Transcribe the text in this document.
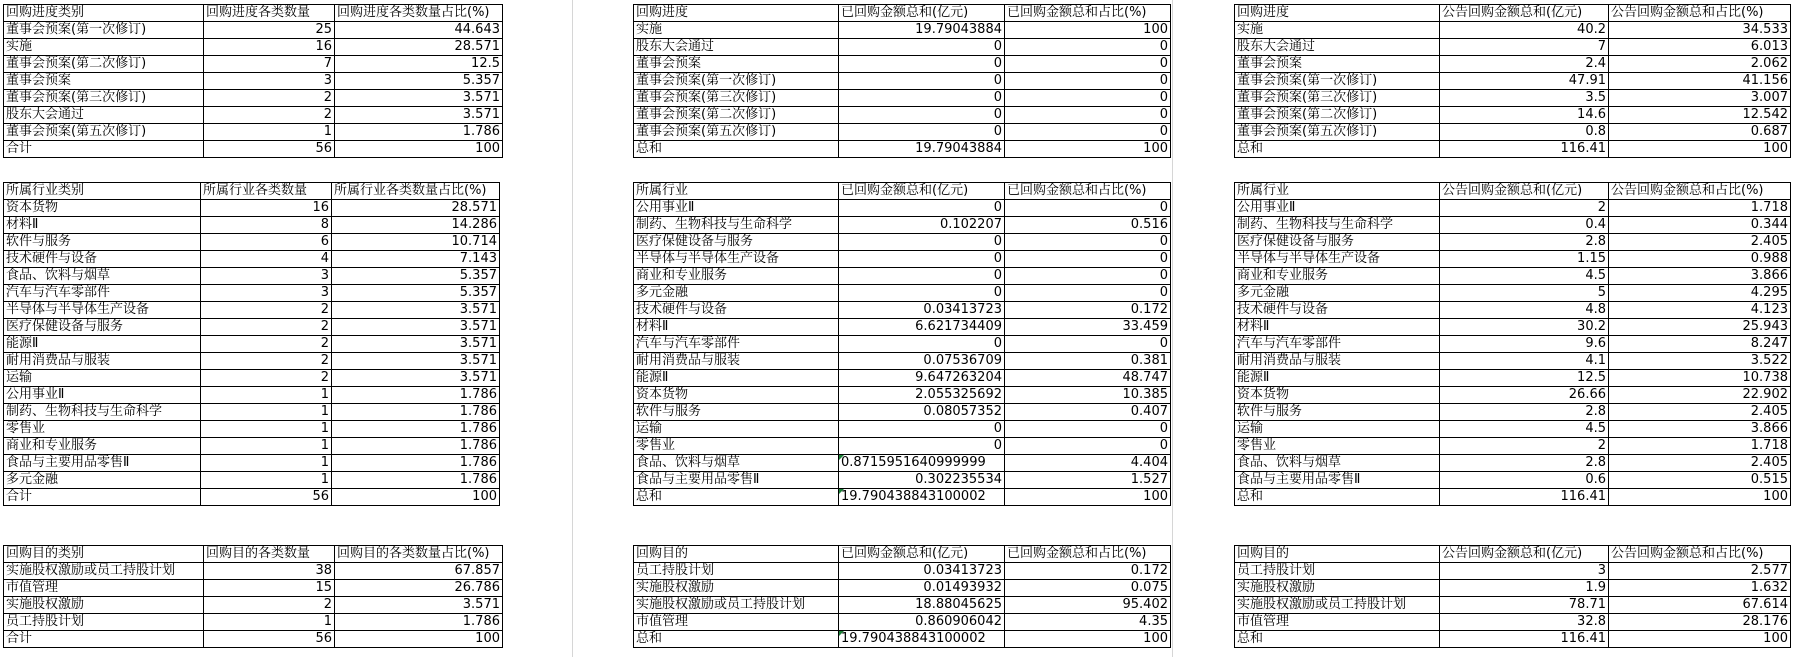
回购进度类别	回购进度各类数量	回购进度各类数量占比(%)
董事会预案(第一次修订)	25	44.643
实施	16	28.571
董事会预案(第二次修订)	7	12.5
董事会预案	3	5.357
董事会预案(第三次修订)	2	3.571
股东大会通过	2	3.571
董事会预案(第五次修订)	1	1.786
合计	56	100
回购进度	已回购金额总和(亿元)	已回购金额总和占比(%)
实施	19.79043884	100
股东大会通过	0	0
董事会预案	0	0
董事会预案(第一次修订)	0	0
董事会预案(第三次修订)	0	0
董事会预案(第二次修订)	0	0
董事会预案(第五次修订)	0	0
总和	19.79043884	100
回购进度	公告回购金额总和(亿元)	公告回购金额总和占比(%)
实施	40.2	34.533
股东大会通过	7	6.013
董事会预案	2.4	2.062
董事会预案(第一次修订)	47.91	41.156
董事会预案(第三次修订)	3.5	3.007
董事会预案(第二次修订)	14.6	12.542
董事会预案(第五次修订)	0.8	0.687
总和	116.41	100
所属行业类别	所属行业各类数量	所属行业各类数量占比(%)
资本货物	16	28.571
材料Ⅱ	8	14.286
软件与服务	6	10.714
技术硬件与设备	4	7.143
食品、饮料与烟草	3	5.357
汽车与汽车零部件	3	5.357
半导体与半导体生产设备	2	3.571
医疗保健设备与服务	2	3.571
能源Ⅱ	2	3.571
耐用消费品与服装	2	3.571
运输	2	3.571
公用事业Ⅱ	1	1.786
制药、生物科技与生命科学	1	1.786
零售业	1	1.786
商业和专业服务	1	1.786
食品与主要用品零售Ⅱ	1	1.786
多元金融	1	1.786
合计	56	100
所属行业	已回购金额总和(亿元)	已回购金额总和占比(%)
公用事业Ⅱ	0	0
制药、生物科技与生命科学	0.102207	0.516
医疗保健设备与服务	0	0
半导体与半导体生产设备	0	0
商业和专业服务	0	0
多元金融	0	0
技术硬件与设备	0.03413723	0.172
材料Ⅱ	6.621734409	33.459
汽车与汽车零部件	0	0
耐用消费品与服装	0.07536709	0.381
能源Ⅱ	9.647263204	48.747
资本货物	2.055325692	10.385
软件与服务	0.08057352	0.407
运输	0	0
零售业	0	0
食品、饮料与烟草	0.8715951640999999	4.404
食品与主要用品零售Ⅱ	0.302235534	1.527
总和	19.790438843100002	100
所属行业	公告回购金额总和(亿元)	公告回购金额总和占比(%)
公用事业Ⅱ	2	1.718
制药、生物科技与生命科学	0.4	0.344
医疗保健设备与服务	2.8	2.405
半导体与半导体生产设备	1.15	0.988
商业和专业服务	4.5	3.866
多元金融	5	4.295
技术硬件与设备	4.8	4.123
材料Ⅱ	30.2	25.943
汽车与汽车零部件	9.6	8.247
耐用消费品与服装	4.1	3.522
能源Ⅱ	12.5	10.738
资本货物	26.66	22.902
软件与服务	2.8	2.405
运输	4.5	3.866
零售业	2	1.718
食品、饮料与烟草	2.8	2.405
食品与主要用品零售Ⅱ	0.6	0.515
总和	116.41	100
回购目的类别	回购目的各类数量	回购目的各类数量占比(%)
实施股权激励或员工持股计划	38	67.857
市值管理	15	26.786
实施股权激励	2	3.571
员工持股计划	1	1.786
合计	56	100
回购目的	已回购金额总和(亿元)	已回购金额总和占比(%)
员工持股计划	0.03413723	0.172
实施股权激励	0.01493932	0.075
实施股权激励或员工持股计划	18.88045625	95.402
市值管理	0.860906042	4.35
总和	19.790438843100002	100
回购目的	公告回购金额总和(亿元)	公告回购金额总和占比(%)
员工持股计划	3	2.577
实施股权激励	1.9	1.632
实施股权激励或员工持股计划	78.71	67.614
市值管理	32.8	28.176
总和	116.41	100
